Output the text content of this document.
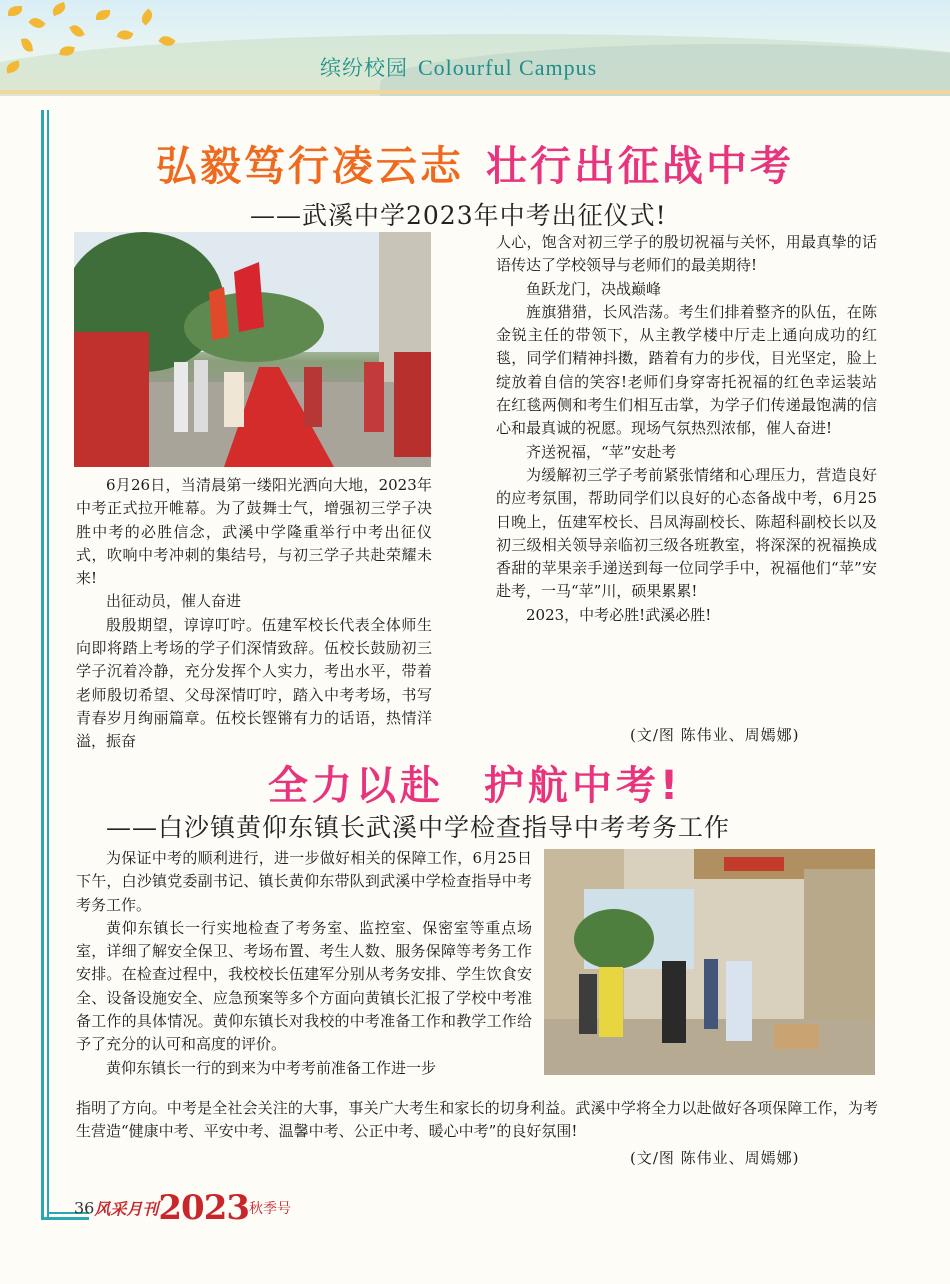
缤纷校园 Colourful Campus
弘毅笃行凌云志 壮行出征战中考
——武溪中学2023年中考出征仪式!

6月26日，当清晨第一缕阳光洒向大地，2023年中考正式拉开帷幕。为了鼓舞士气，增强初三学子决胜中考的必胜信念，武溪中学隆重举行中考出征仪式，吹响中考冲刺的集结号，与初三学子共赴荣耀未来!

出征动员，催人奋进

殷殷期望，谆谆叮咛。伍建军校长代表全体师生向即将踏上考场的学子们深情致辞。伍校长鼓励初三学子沉着冷静，充分发挥个人实力，考出水平，带着老师殷切希望、父母深情叮咛，踏入中考考场，书写青春岁月绚丽篇章。伍校长铿锵有力的话语，热情洋溢，振奋

人心，饱含对初三学子的殷切祝福与关怀，用最真挚的话语传达了学校领导与老师们的最美期待!

鱼跃龙门，决战巅峰

旌旗猎猎，长风浩荡。考生们排着整齐的队伍，在陈金锐主任的带领下，从主教学楼中厅走上通向成功的红毯，同学们精神抖擞，踏着有力的步伐，目光坚定，脸上绽放着自信的笑容!老师们身穿寄托祝福的红色幸运装站在红毯两侧和考生们相互击掌，为学子们传递最饱满的信心和最真诚的祝愿。现场气氛热烈浓郁，催人奋进!

齐送祝福，“苹”安赴考

为缓解初三学子考前紧张情绪和心理压力，营造良好的应考氛围，帮助同学们以良好的心态备战中考，6月25日晚上，伍建军校长、吕凤海副校长、陈超科副校长以及初三级相关领导亲临初三级各班教室，将深深的祝福换成香甜的苹果亲手递送到每一位同学手中，祝福他们“苹”安赴考，一马“苹”川，硕果累累!

2023，中考必胜!武溪必胜!

(文/图 陈伟业、周嫣娜)
全力以赴 护航中考!
——白沙镇黄仰东镇长武溪中学检查指导中考考务工作

为保证中考的顺利进行，进一步做好相关的保障工作，6月25日下午，白沙镇党委副书记、镇长黄仰东带队到武溪中学检查指导中考考务工作。

黄仰东镇长一行实地检查了考务室、监控室、保密室等重点场室，详细了解安全保卫、考场布置、考生人数、服务保障等考务工作安排。在检查过程中，我校校长伍建军分别从考务安排、学生饮食安全、设备设施安全、应急预案等多个方面向黄镇长汇报了学校中考准备工作的具体情况。黄仰东镇长对我校的中考准备工作和教学工作给予了充分的认可和高度的评价。

黄仰东镇长一行的到来为中考考前准备工作进一步

指明了方向。中考是全社会关注的大事，事关广大考生和家长的切身利益。武溪中学将全力以赴做好各项保障工作，为考生营造“健康中考、平安中考、温馨中考、公正中考、暖心中考”的良好氛围!

(文/图 陈伟业、周嫣娜)
36风采月刊2023秋季号
